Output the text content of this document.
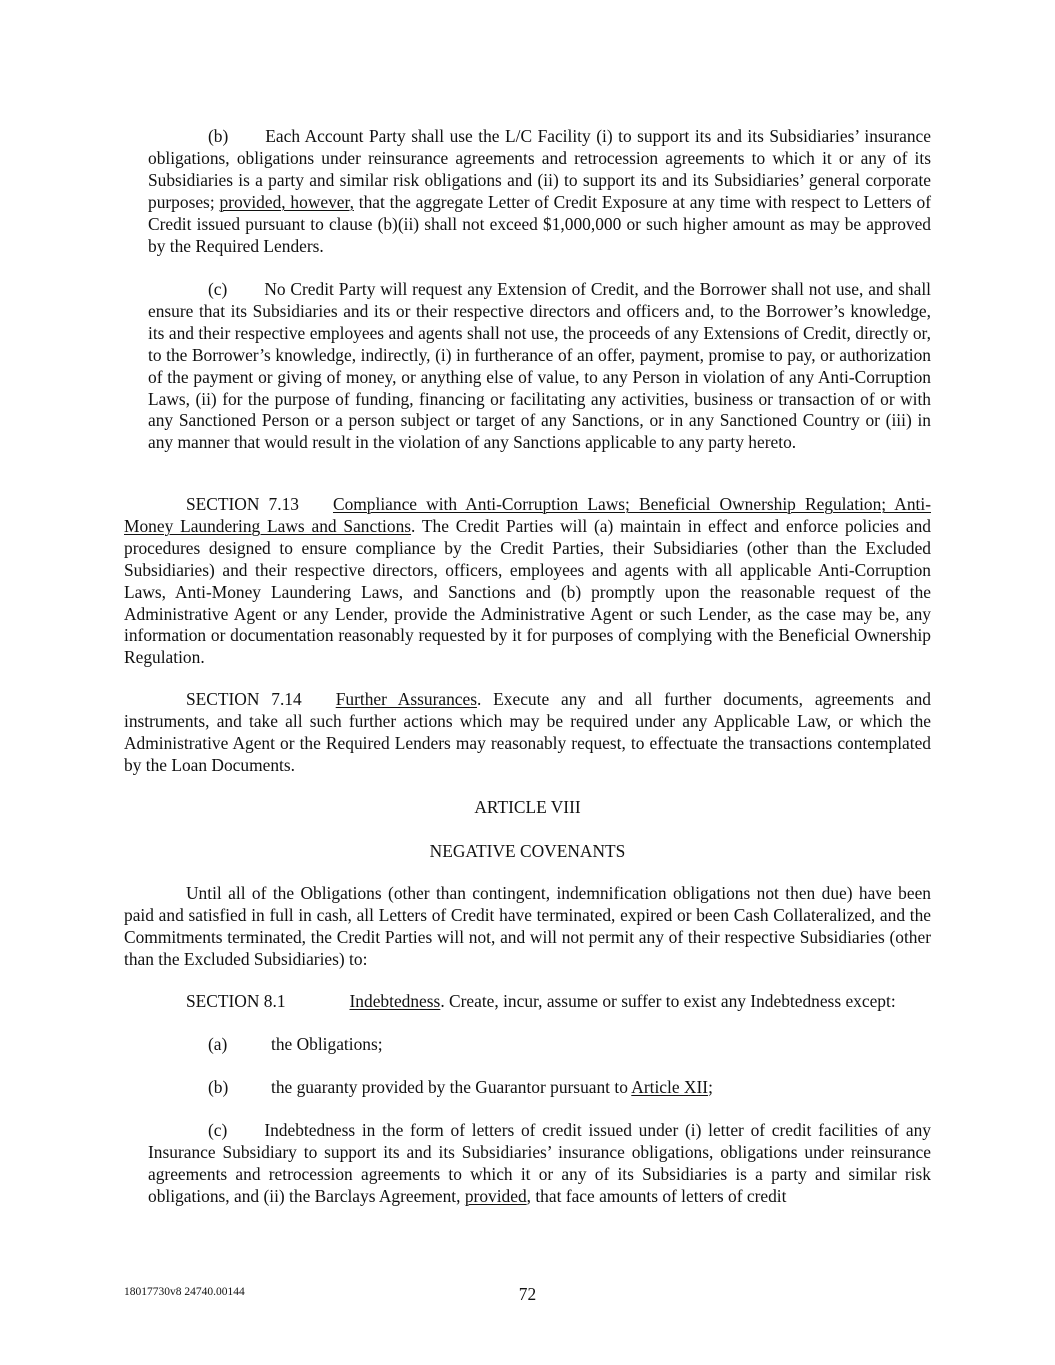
(b) Each Account Party shall use the L/C Facility (i) to support its and its Subsidiaries’ insurance obligations, obligations under reinsurance agreements and retrocession agreements to which it or any of its Subsidiaries is a party and similar risk obligations and (ii) to support its and its Subsidiaries’ general corporate purposes; provided, however, that the aggregate Letter of Credit Exposure at any time with respect to Letters of Credit issued pursuant to clause (b)(ii) shall not exceed $1,000,000 or such higher amount as may be approved by the Required Lenders.

(c) No Credit Party will request any Extension of Credit, and the Borrower shall not use, and shall ensure that its Subsidiaries and its or their respective directors and officers and, to the Borrower’s knowledge, its and their respective employees and agents shall not use, the proceeds of any Extensions of Credit, directly or, to the Borrower’s knowledge, indirectly, (i) in furtherance of an offer, payment, promise to pay, or authorization of the payment or giving of money, or anything else of value, to any Person in violation of any Anti-Corruption Laws, (ii) for the purpose of funding, financing or facilitating any activities, business or transaction of or with any Sanctioned Person or a person subject or target of any Sanctions, or in any Sanctioned Country or (iii) in any manner that would result in the violation of any Sanctions applicable to any party hereto.

SECTION 7.13 Compliance with Anti-Corruption Laws; Beneficial Ownership Regulation; Anti-Money Laundering Laws and Sanctions. The Credit Parties will (a) maintain in effect and enforce policies and procedures designed to ensure compliance by the Credit Parties, their Subsidiaries (other than the Excluded Subsidiaries) and their respective directors, officers, employees and agents with all applicable Anti-Corruption Laws, Anti-Money Laundering Laws, and Sanctions and (b) promptly upon the reasonable request of the Administrative Agent or any Lender, provide the Administrative Agent or such Lender, as the case may be, any information or documentation reasonably requested by it for purposes of complying with the Beneficial Ownership Regulation.

SECTION 7.14 Further Assurances. Execute any and all further documents, agreements and instruments, and take all such further actions which may be required under any Applicable Law, or which the Administrative Agent or the Required Lenders may reasonably request, to effectuate the transactions contemplated by the Loan Documents.

ARTICLE VIII

NEGATIVE COVENANTS

Until all of the Obligations (other than contingent, indemnification obligations not then due) have been paid and satisfied in full in cash, all Letters of Credit have terminated, expired or been Cash Collateralized, and the Commitments terminated, the Credit Parties will not, and will not permit any of their respective Subsidiaries (other than the Excluded Subsidiaries) to:

SECTION 8.1	Indebtedness. Create, incur, assume or suffer to exist any Indebtedness except:

(a)	the Obligations;

(b) the guaranty provided by the Guarantor pursuant to Article XII;

(c) Indebtedness in the form of letters of credit issued under (i) letter of credit facilities of any Insurance Subsidiary to support its and its Subsidiaries’ insurance obligations, obligations under reinsurance agreements and retrocession agreements to which it or any of its Subsidiaries is a party and similar risk obligations, and (ii) the Barclays Agreement, provided, that face amounts of letters of credit

18017730v8 24740.00144	72
